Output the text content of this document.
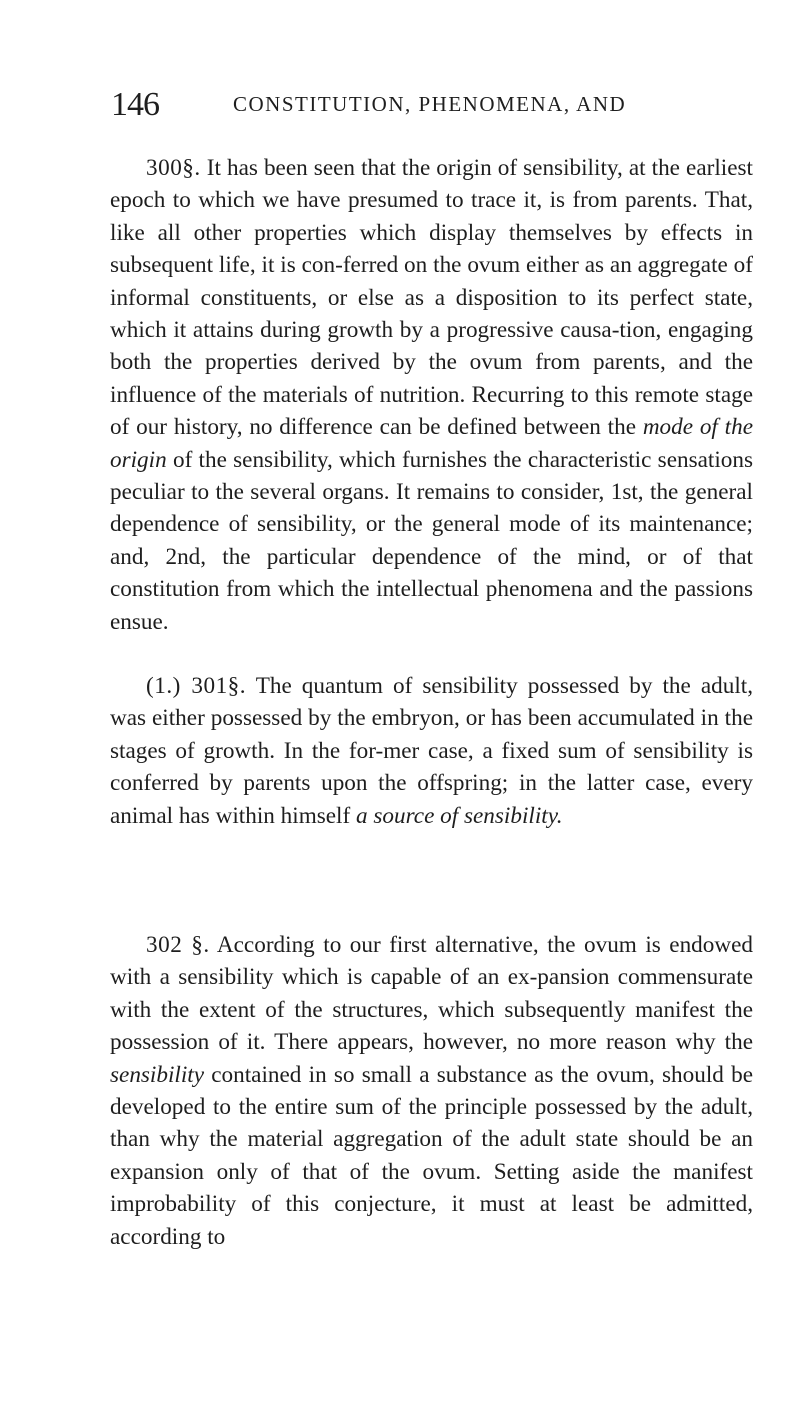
146	CONSTITUTION, PHENOMENA, AND

300§. It has been seen that the origin of sensibility, at the earliest epoch to which we have presumed to trace it, is from parents. That, like all other properties which display themselves by effects in subsequent life, it is con-ferred on the ovum either as an aggregate of informal constituents, or else as a disposition to its perfect state, which it attains during growth by a progressive causa-tion, engaging both the properties derived by the ovum from parents, and the influence of the materials of nutrition. Recurring to this remote stage of our history, no difference can be defined between the mode of the origin of the sensibility, which furnishes the characteristic sensations peculiar to the several organs. It remains to consider, 1st, the general dependence of sensibility, or the general mode of its maintenance; and, 2nd, the particular dependence of the mind, or of that constitution from which the intellectual phenomena and the passions ensue.

(1.) 301§. The quantum of sensibility possessed by the adult, was either possessed by the embryon, or has been accumulated in the stages of growth. In the for-mer case, a fixed sum of sensibility is conferred by parents upon the offspring; in the latter case, every animal has within himself a source of sensibility.

302 §. According to our first alternative, the ovum is endowed with a sensibility which is capable of an ex-pansion commensurate with the extent of the structures, which subsequently manifest the possession of it. There appears, however, no more reason why the sensibility contained in so small a substance as the ovum, should be developed to the entire sum of the principle possessed by the adult, than why the material aggregation of the adult state should be an expansion only of that of the ovum. Setting aside the manifest improbability of this conjecture, it must at least be admitted, according to
